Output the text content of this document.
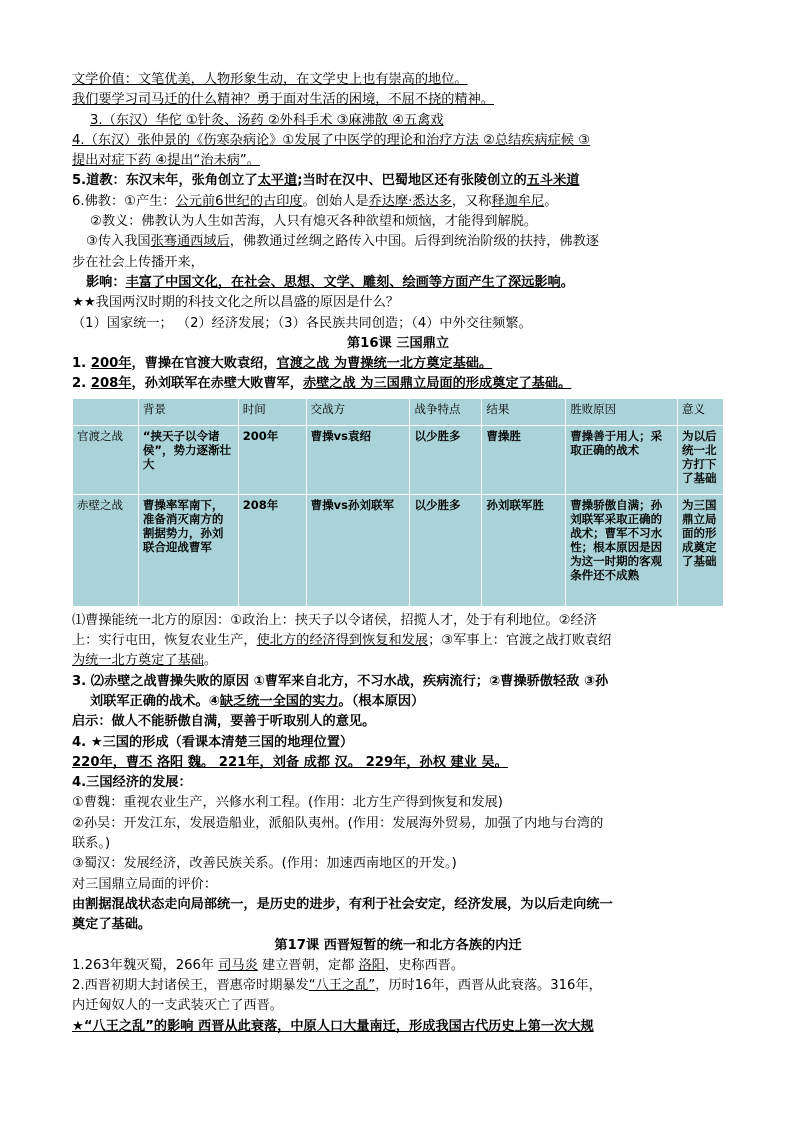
文学价值：文笔优美，人物形象生动，在文学史上也有崇高的地位。
我们要学习司马迁的什么精神？勇于面对生活的困境，不屈不挠的精神。
3.（东汉）华佗 ①针灸、汤药 ②外科手术 ③麻沸散 ④五禽戏
4.（东汉）张仲景的《伤寒杂病论》①发展了中医学的理论和治疗方法 ②总结疾病症候 ③
提出对症下药 ④提出“治未病”。
5.道教：东汉末年，张角创立了太平道;当时在汉中、巴蜀地区还有张陵创立的五斗米道
6.佛教：①产生：公元前6世纪的古印度。创始人是乔达摩·悉达多，又称释迦牟尼。
②教义：佛教认为人生如苦海，人只有熄灭各种欲望和烦恼，才能得到解脱。
③传入我国张骞通西域后，佛教通过丝绸之路传入中国。后得到统治阶级的扶持，佛教逐
步在社会上传播开来，
影响：丰富了中国文化，在社会、思想、文学、雕刻、绘画等方面产生了深远影响。
★★我国两汉时期的科技文化之所以昌盛的原因是什么？
（1）国家统一； （2）经济发展；（3）各民族共同创造；（4）中外交往频繁。
第16课 三国鼎立
1. 200年，曹操在官渡大败袁绍，官渡之战 为曹操统一北方奠定基础。
2. 208年，孙刘联军在赤壁大败曹军，赤壁之战 为三国鼎立局面的形成奠定了基础。
	背景	时间	交战方	战争特点	结果	胜败原因	意义
官渡之战	“挟天子以令诸侯”，势力逐渐壮大	200年	曹操vs袁绍	以少胜多	曹操胜	曹操善于用人；采取正确的战术	为以后统一北方打下了基础
赤壁之战	曹操率军南下，准备消灭南方的割据势力，孙刘联合迎战曹军	208年	曹操vs孙刘联军	以少胜多	孙刘联军胜	曹操骄傲自满；孙刘联军采取正确的战术；曹军不习水性；根本原因是因为这一时期的客观条件还不成熟	为三国鼎立局面的形成奠定了基础
⑴曹操能统一北方的原因：①政治上：挟天子以令诸侯，招揽人才，处于有利地位。②经济
上：实行屯田，恢复农业生产，使北方的经济得到恢复和发展；③军事上：官渡之战打败袁绍
为统一北方奠定了基础。
3. ⑵赤壁之战曹操失败的原因 ①曹军来自北方，不习水战，疾病流行；②曹操骄傲轻敌 ③孙
刘联军正确的战术。④缺乏统一全国的实力。（根本原因）
启示：做人不能骄傲自满，要善于听取别人的意见。
4. ★三国的形成（看课本清楚三国的地理位置）
220年，曹丕 洛阳 魏。 221年，刘备 成都 汉。 229年，孙权 建业 吴。
4.三国经济的发展：
①曹魏：重视农业生产，兴修水利工程。(作用：北方生产得到恢复和发展)
②孙吴：开发江东，发展造船业，派船队夷州。(作用：发展海外贸易，加强了内地与台湾的
联系。)
③蜀汉：发展经济，改善民族关系。(作用：加速西南地区的开发。)
对三国鼎立局面的评价：
由割据混战状态走向局部统一，是历史的进步，有利于社会安定，经济发展，为以后走向统一
奠定了基础。
第17课 西晋短暂的统一和北方各族的内迁
1.263年魏灭蜀，266年 司马炎 建立晋朝，定都 洛阳，史称西晋。
2.西晋初期大封诸侯王，晋惠帝时期暴发“八王之乱”，历时16年，西晋从此衰落。316年，
内迁匈奴人的一支武装灭亡了西晋。
★“八王之乱”的影响 西晋从此衰落，中原人口大量南迁，形成我国古代历史上第一次大规
